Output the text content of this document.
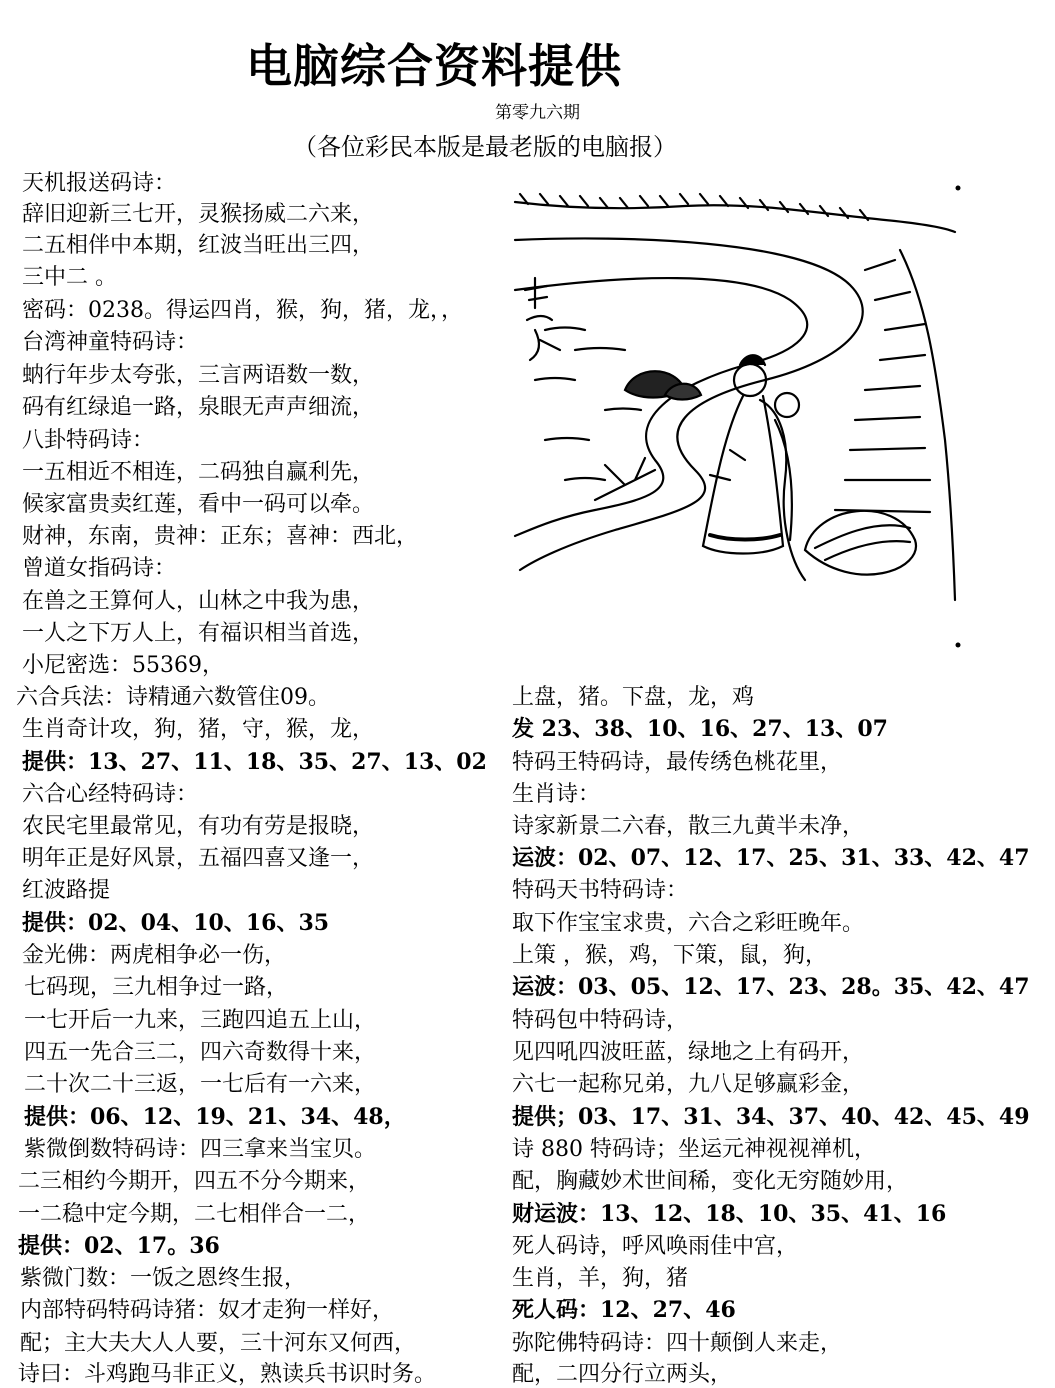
电脑综合资料提供
第零九六期
（各位彩民本版是最老版的电脑报）
天机报送码诗：
辞旧迎新三七开，灵猴扬威二六来，
二五相伴中本期，红波当旺出三四，
三中二 。
密码：0238。得运四肖，猴，狗，猪，龙，，
台湾神童特码诗：
蚋行年步太夸张，三言两语数一数，
码有红绿追一路，泉眼无声声细流，
八卦特码诗：
一五相近不相连，二码独自赢利先，
候家富贵卖红莲，看中一码可以牵。
财神，东南，贵神：正东；喜神：西北，
曾道女指码诗：
在兽之王算何人，山林之中我为患，
一人之下万人上，有福识相当首选，
小尼密选：55369，
六合兵法：诗精通六数管住09。
生肖奇计攻，狗，猪，守，猴，龙，
提供：13、27、11、18、35、27、13、02
六合心经特码诗：
农民宅里最常见，有功有劳是报晓，
明年正是好风景，五福四喜又逢一，
红波路提
提供：02、04、10、16、35
金光佛：两虎相争必一伤，
七码现，三九相争过一路，
一七开后一九来，三跑四追五上山，
四五一先合三二，四六奇数得十来，
二十次二十三返，一七后有一六来，
提供：06、12、19、21、34、48，
紫微倒数特码诗：四三拿来当宝贝。
二三相约今期开，四五不分今期来，
一二稳中定今期，二七相伴合一二，
提供：02、17。36
紫微门数：一饭之恩终生报，
内部特码特码诗猪：奴才走狗一样好，
配；主大夫大人人要，三十河东又何西，
诗曰：斗鸡跑马非正义，熟读兵书识时务。
上盘，猪。下盘，龙，鸡
发 23、38、10、16、27、13、07
特码王特码诗，最传绣色桃花里，
生肖诗：
诗家新景二六春，散三九黄半未净，
运波：02、07、12、17、25、31、33、42、47
特码天书特码诗：
取下作宝宝求贵，六合之彩旺晚年。
上策 ，猴，鸡，下策，鼠，狗，
运波：03、05、12、17、23、28。35、42、47
特码包中特码诗，
见四吼四波旺蓝，绿地之上有码开，
六七一起称兄弟，九八足够赢彩金，
提供；03、17、31、34、37、40、42、45、49
诗 880 特码诗；坐运元神视视禅机，
配，胸藏妙术世间稀，变化无穷随妙用，
财运波：13、12、18、10、35、41、16
死人码诗，呼风唤雨佳中宫，
生肖，羊，狗，猪
死人码：12、27、46
弥陀佛特码诗：四十颠倒人来走，
配，二四分行立两头，
